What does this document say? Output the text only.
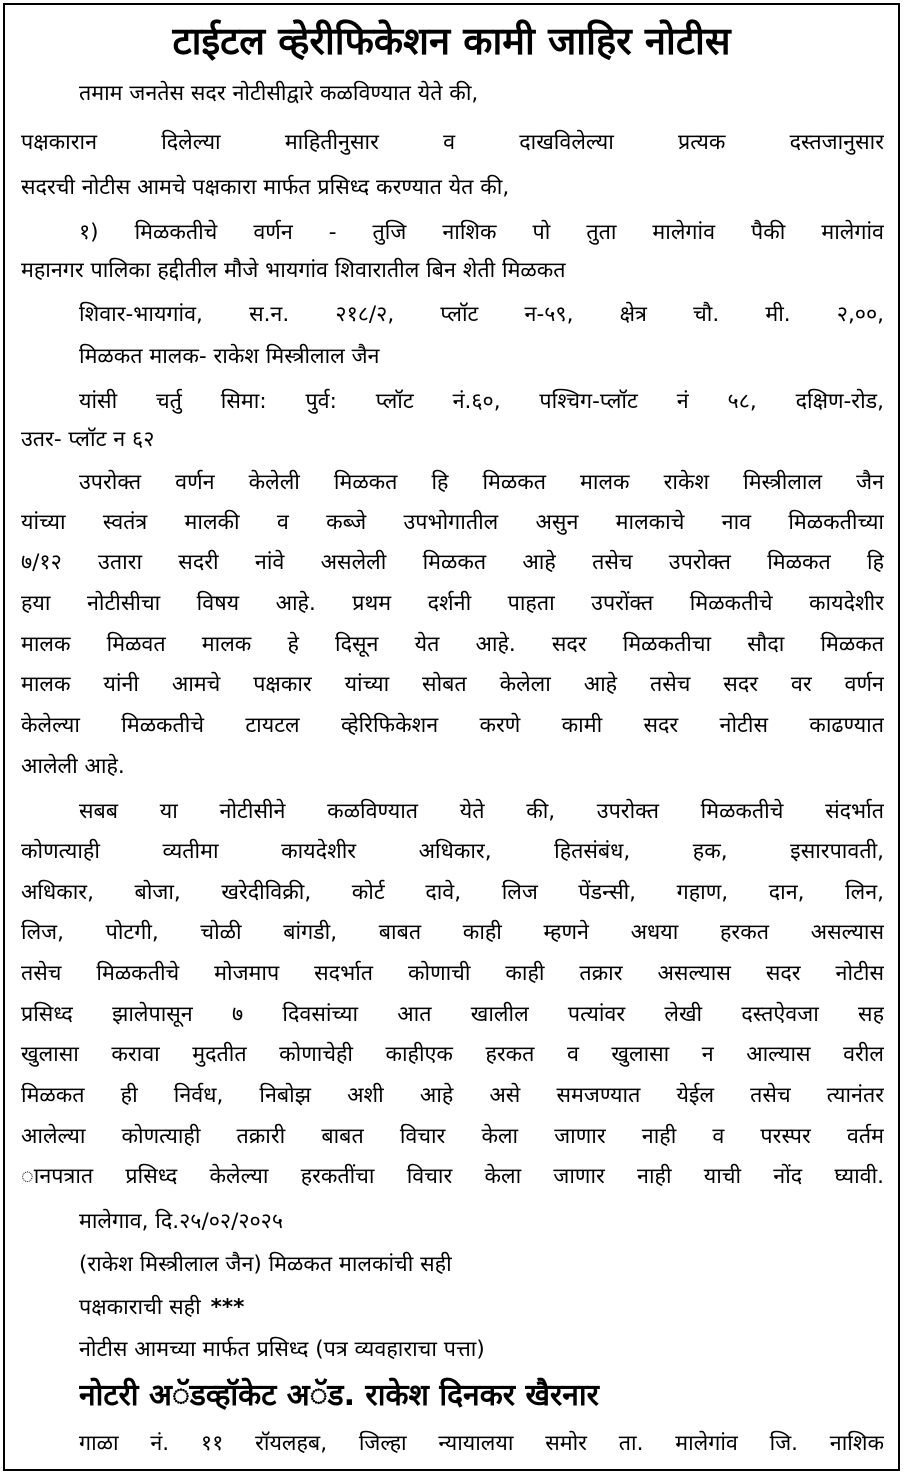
टाईटल व्हेरीफिकेशन कामी जाहिर नोटीस
तमाम जनतेस सदर नोटीसीद्वारे कळविण्यात येते की,
पक्षकारान दिलेल्या माहितीनुसार व दाखविलेल्या प्रत्यक दस्तजानुसार
सदरची नोटीस आमचे पक्षकारा मार्फत प्रसिध्द करण्यात येत की,
१) मिळकतीचे वर्णन - तुजि नाशिक पो तुता मालेगांव पैकी मालेगांव
महानगर पालिका हद्दीतील मौजे भायगांव शिवारातील बिन शेती मिळकत
शिवार-भायगांव, स.न. २१८/२, प्लॉट न-५९, क्षेत्र चौ. मी. २,००,
मिळकत मालक- राकेश मिस्त्रीलाल जैन
यांसी चर्तु सिमा: पुर्व: प्लॉट नं.६०, पश्चिग-प्लॉट नं ५८, दक्षिण-रोड,
उतर- प्लॉट न ६२
उपरोक्त वर्णन केलेली मिळकत हि मिळकत मालक राकेश मिस्त्रीलाल जैन
यांच्या स्वतंत्र मालकी व कब्जे उपभोगातील असुन मालकाचे नाव मिळकतीच्या
७/१२ उतारा सदरी नांवे असलेली मिळकत आहे तसेच उपरोक्त मिळकत हि
हया नोटीसीचा विषय आहे. प्रथम दर्शनी पाहता उपरोंक्त मिळकतीचे कायदेशीर
मालक मिळवत मालक हे दिसून येत आहे. सदर मिळकतीचा सौदा मिळकत
मालक यांनी आमचे पक्षकार यांच्या सोबत केलेला आहे तसेच सदर वर वर्णन
केलेल्या मिळकतीचे टायटल व्हेरिफिकेशन करणे कामी सदर नोटीस काढण्यात
आलेली आहे.
सबब या नोटीसीने कळविण्यात येते की, उपरोक्त मिळकतीचे संदर्भात
कोणत्याही व्यतीमा कायदेशीर अधिकार, हितसंबंध, हक, इसारपावती,
अधिकार, बोजा, खरेदीविक्री, कोर्ट दावे, लिज पेंडन्सी, गहाण, दान, लिन,
लिज, पोटगी, चोळी बांगडी, बाबत काही म्हणने अधया हरकत असल्यास
तसेच मिळकतीचे मोजमाप सदर्भात कोणाची काही तक्रार असल्यास सदर नोटीस
प्रसिध्द झालेपासून ७ दिवसांच्या आत खालील पत्यांवर लेखी दस्तऐवजा सह
खुलासा करावा मुदतीत कोणाचेही काहीएक हरकत व खुलासा न आल्यास वरील
मिळकत ही निर्वध, निबोझ अशी आहे असे समजण्यात येईल तसेच त्यानंतर
आलेल्या कोणत्याही तक्रारी बाबत विचार केला जाणार नाही व परस्पर वर्तम
ानपत्रात प्रसिध्द केलेल्या हरकतींचा विचार केला जाणार नाही याची नोंद घ्यावी.
मालेगाव, दि.२५/०२/२०२५
(राकेश मिस्त्रीलाल जैन) मिळकत मालकांची सही
पक्षकाराची सही ***
नोटीस आमच्या मार्फत प्रसिध्द (पत्र व्यवहाराचा पत्ता)
नोटरी अॅडव्हॉकेट अॅड. राकेश दिनकर खैरनार
गाळा नं. ११ रॉयलहब, जिल्हा न्यायालया समोर ता. मालेगांव जि. नाशिक
